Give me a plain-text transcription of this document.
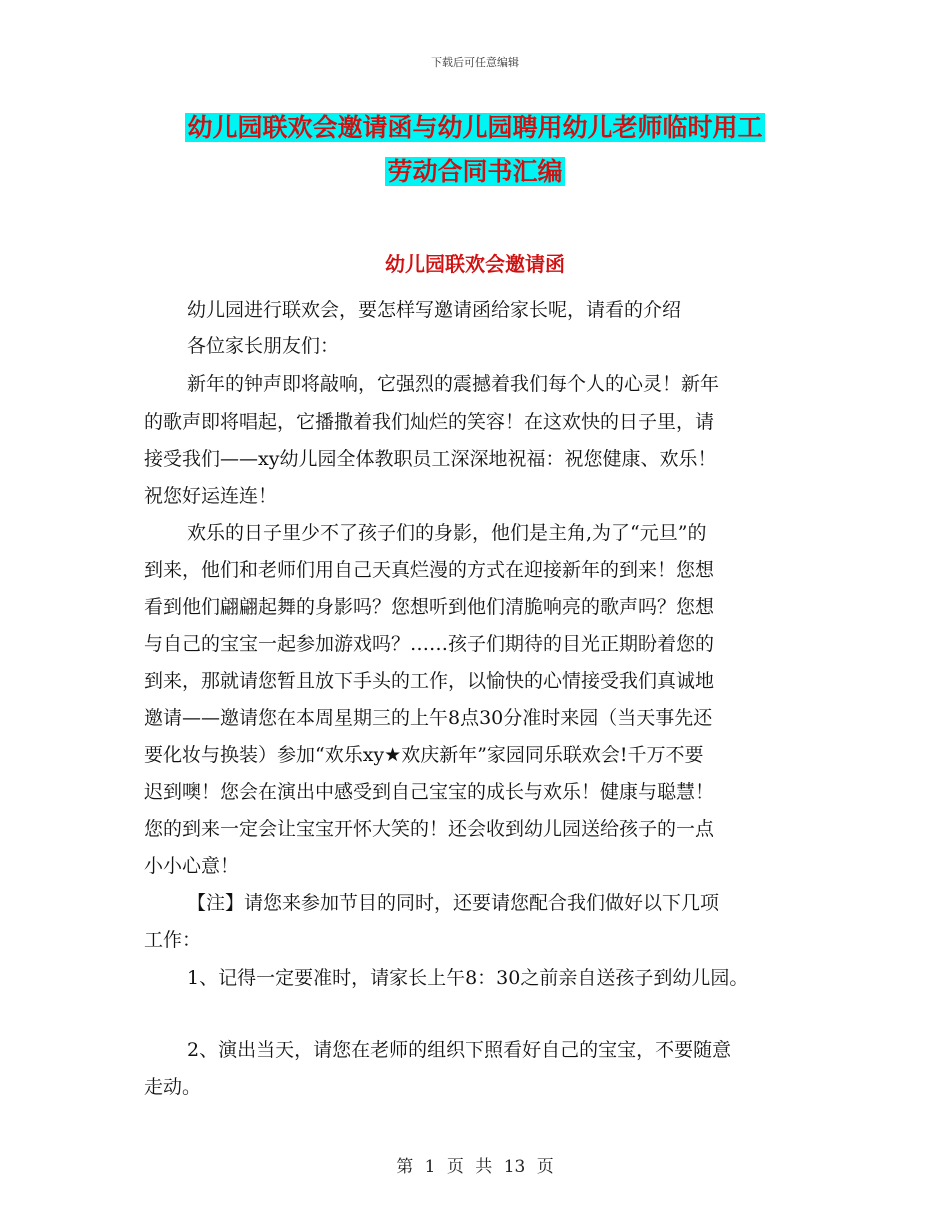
下载后可任意编辑
幼儿园联欢会邀请函与幼儿园聘用幼儿老师临时用工
劳动合同书汇编
幼儿园联欢会邀请函
幼儿园进行联欢会，要怎样写邀请函给家长呢，请看的介绍
各位家长朋友们：
新年的钟声即将敲响，它强烈的震撼着我们每个人的心灵！新年
的歌声即将唱起，它播撒着我们灿烂的笑容！在这欢快的日子里，请
接受我们——xy幼儿园全体教职员工深深地祝福：祝您健康、欢乐！
祝您好运连连！
欢乐的日子里少不了孩子们的身影，他们是主角,为了“元旦”的
到来，他们和老师们用自己天真烂漫的方式在迎接新年的到来！您想
看到他们翩翩起舞的身影吗？您想听到他们清脆响亮的歌声吗？您想
与自己的宝宝一起参加游戏吗？……孩子们期待的目光正期盼着您的
到来，那就请您暂且放下手头的工作，以愉快的心情接受我们真诚地
邀请——邀请您在本周星期三的上午8点30分准时来园（当天事先还
要化妆与换装）参加“欢乐xy★欢庆新年”家园同乐联欢会!千万不要
迟到噢！您会在演出中感受到自己宝宝的成长与欢乐！健康与聪慧！
您的到来一定会让宝宝开怀大笑的！还会收到幼儿园送给孩子的一点
小小心意！
【注】请您来参加节目的同时，还要请您配合我们做好以下几项
工作：
1、记得一定要准时，请家长上午8：30之前亲自送孩子到幼儿园。
2、演出当天，请您在老师的组织下照看好自己的宝宝，不要随意
走动。
第 1 页 共 13 页
